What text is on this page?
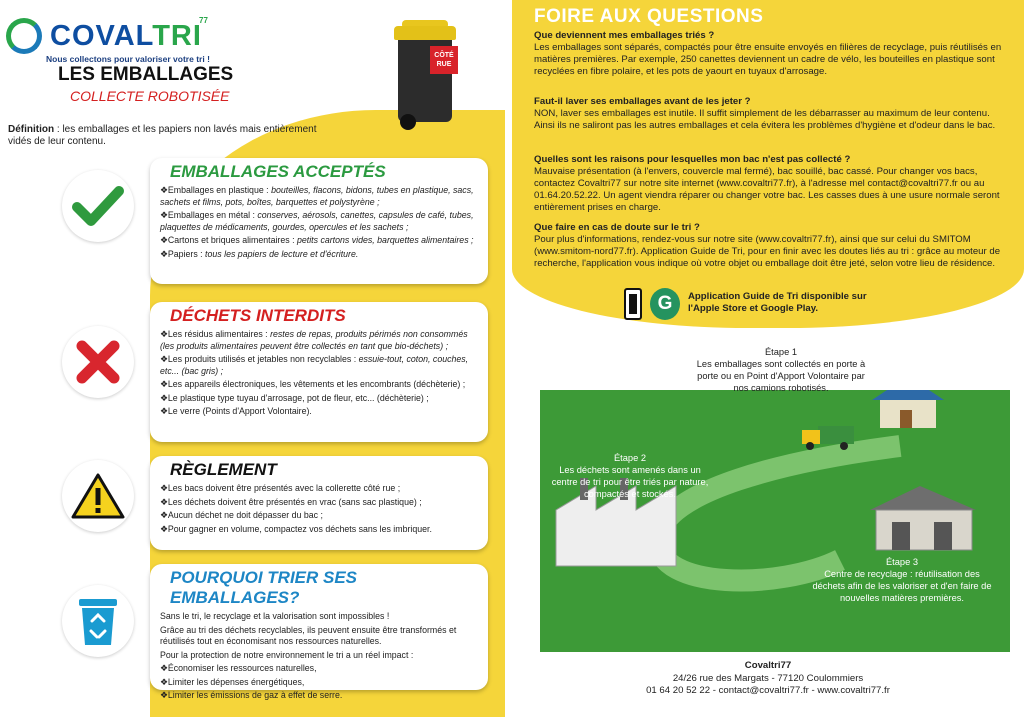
COVALTRI
77
Nous collectons pour valoriser votre tri !
LES EMBALLAGES
COLLECTE ROBOTISÉE
CÔTÉ RUE
Définition : les emballages et les papiers non lavés mais entièrement vidés de leur contenu.
EMBALLAGES ACCEPTÉS

❖Emballages en plastique : bouteilles, flacons, bidons, tubes en plastique, sacs, sachets et films, pots, boîtes, barquettes et polystyrène ;

❖Emballages en métal : conserves, aérosols, canettes, capsules de café, tubes, plaquettes de médicaments, gourdes, opercules et les sachets ;

❖Cartons et briques alimentaires : petits cartons vides, barquettes alimentaires ;

❖Papiers : tous les papiers de lecture et d'écriture.

DÉCHETS INTERDITS

❖Les résidus alimentaires : restes de repas, produits périmés non consommés (les produits alimentaires peuvent être collectés en tant que bio-déchets) ;

❖Les produits utilisés et jetables non recyclables : essuie-tout, coton, couches, etc... (bac gris) ;

❖Les appareils électroniques, les vêtements et les encombrants (déchèterie) ;

❖Le plastique type tuyau d'arrosage, pot de fleur, etc... (déchèterie) ;

❖Le verre (Points d'Apport Volontaire).

RÈGLEMENT

❖Les bacs doivent être présentés avec la collerette côté rue ;

❖Les déchets doivent être présentés en vrac (sans sac plastique) ;

❖Aucun déchet ne doit dépasser du bac ;

❖Pour gagner en volume, compactez vos déchets sans les imbriquer.

POURQUOI TRIER SES EMBALLAGES?

Sans le tri, le recyclage et la valorisation sont impossibles !

Grâce au tri des déchets recyclables, ils peuvent ensuite être transformés et réutilisés tout en économisant nos ressources naturelles.

Pour la protection de notre environnement le tri a un réel impact :

❖Économiser les ressources naturelles,

❖Limiter les dépenses énergétiques,

❖Limiter les émissions de gaz à effet de serre.

FOIRE AUX QUESTIONS

Que deviennent mes emballages triés ?

Les emballages sont séparés, compactés pour être ensuite envoyés en filières de recyclage, puis réutilisés en matières premières. Par exemple, 250 canettes deviennent un cadre de vélo, les bouteilles en plastique sont recyclées en fibre polaire, et les pots de yaourt en tuyaux d'arrosage.

Faut-il laver ses emballages avant de les jeter ?

NON, laver ses emballages est inutile. Il suffit simplement de les débarrasser au maximum de leur contenu. Ainsi ils ne saliront pas les autres emballages et cela évitera les problèmes d'hygiène et d'odeur dans le bac.

Quelles sont les raisons pour lesquelles mon bac n'est pas collecté ?

Mauvaise présentation (à l'envers, couvercle mal fermé), bac souillé, bac cassé. Pour changer vos bacs, contactez Covaltri77 sur notre site internet (www.covaltri77.fr), à l'adresse mel contact@covaltri77.fr ou au 01.64.20.52.22. Un agent viendra réparer ou changer votre bac. Les casses dues à une usure normale seront entièrement prises en charge.

Que faire en cas de doute sur le tri ?

Pour plus d'informations, rendez-vous sur notre site (www.covaltri77.fr), ainsi que sur celui du SMITOM (www.smitom-nord77.fr). Application Guide de Tri, pour en finir avec les doutes liés au tri : grâce au moteur de recherche, l'application vous indique où votre objet ou emballage doit être jeté, selon votre lieu de résidence.

G	Application Guide de Tri disponible sur
l'Apple Store et Google Play.
Étape 1
Les emballages sont collectés en porte à porte ou en Point d'Apport Volontaire par nos camions robotisés.
Étape 2
Les déchets sont amenés dans un centre de tri pour être triés par nature, compactés et stockés.
Étape 3
Centre de recyclage : réutilisation des déchets afin de les valoriser et d'en faire de nouvelles matières premières.
Covaltri77
24/26 rue des Margats - 77120 Coulommiers
01 64 20 52 22 - contact@covaltri77.fr - www.covaltri77.fr
